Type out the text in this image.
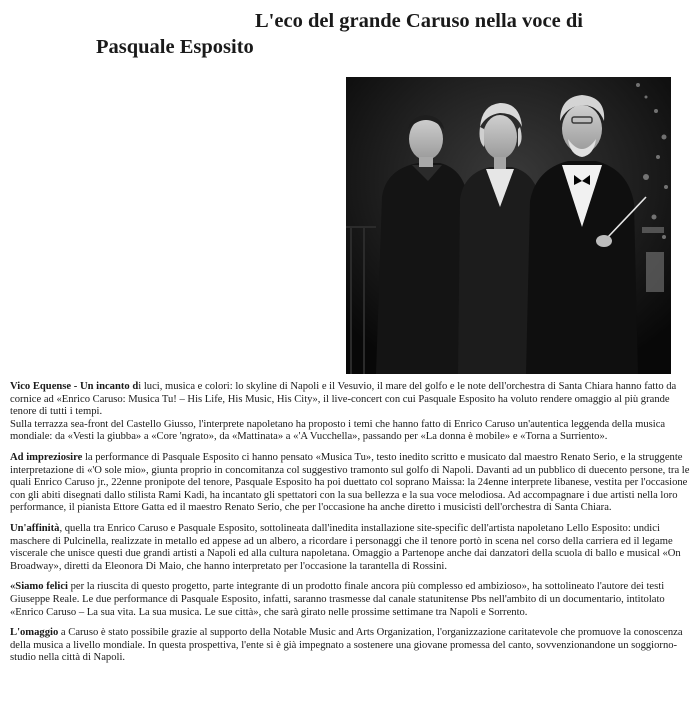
L'eco del grande Caruso nella voce di
Pasquale Esposito

Vico Equense - Un incanto di luci, musica e colori: lo skyline di Napoli e il Vesuvio, il mare del golfo e le note dell'orchestra di Santa Chiara hanno fatto da cornice ad «Enrico Caruso: Musica Tu! – His Life, His Music, His City», il live-concert con cui Pasquale Esposito ha voluto rendere omaggio al più grande tenore di tutti i tempi.

Sulla terrazza sea-front del Castello Giusso, l'interprete napoletano ha proposto i temi che hanno fatto di Enrico Caruso un'autentica leggenda della musica mondiale: da «Vesti la giubba» a «Core 'ngrato», da «Mattinata» a «'A Vucchella», passando per «La donna è mobile» e «Torna a Surriento».

Ad impreziosire la performance di Pasquale Esposito ci hanno pensato «Musica Tu», testo inedito scritto e musicato dal maestro Renato Serio, e la struggente interpretazione di «'O sole mio», giunta proprio in concomitanza col suggestivo tramonto sul golfo di Napoli. Davanti ad un pubblico di duecento persone, tra le quali Enrico Caruso jr., 22enne pronipote del tenore, Pasquale Esposito ha poi duettato col soprano Maissa: la 24enne interprete libanese, vestita per l'occasione con gli abiti disegnati dallo stilista Rami Kadi, ha incantato gli spettatori con la sua bellezza e la sua voce melodiosa. Ad accompagnare i due artisti nella loro performance, il pianista Ettore Gatta ed il maestro Renato Serio, che per l'occasione ha anche diretto i musicisti dell'orchestra di Santa Chiara.

Un'affinità, quella tra Enrico Caruso e Pasquale Esposito, sottolineata dall'inedita installazione site-specific dell'artista napoletano Lello Esposito: undici maschere di Pulcinella, realizzate in metallo ed appese ad un albero, a ricordare i personaggi che il tenore portò in scena nel corso della carriera ed il legame viscerale che unisce questi due grandi artisti a Napoli ed alla cultura napoletana. Omaggio a Partenope anche dai danzatori della scuola di ballo e musical «On Broadway», diretti da Eleonora Di Maio, che hanno interpretato per l'occasione la tarantella di Rossini.

«Siamo felici per la riuscita di questo progetto, parte integrante di un prodotto finale ancora più complesso ed ambizioso», ha sottolineato l'autore dei testi Giuseppe Reale. Le due performance di Pasquale Esposito, infatti, saranno trasmesse dal canale statunitense Pbs nell'ambito di un documentario, intitolato «Enrico Caruso – La sua vita. La sua musica. Le sue città», che sarà girato nelle prossime settimane tra Napoli e Sorrento.

L'omaggio a Caruso è stato possibile grazie al supporto della Notable Music and Arts Organization, l'organizzazione caritatevole che promuove la conoscenza della musica a livello mondiale. In questa prospettiva, l'ente si è già impegnato a sostenere una giovane promessa del canto, sovvenzionandone un soggiorno-studio nella città di Napoli.
